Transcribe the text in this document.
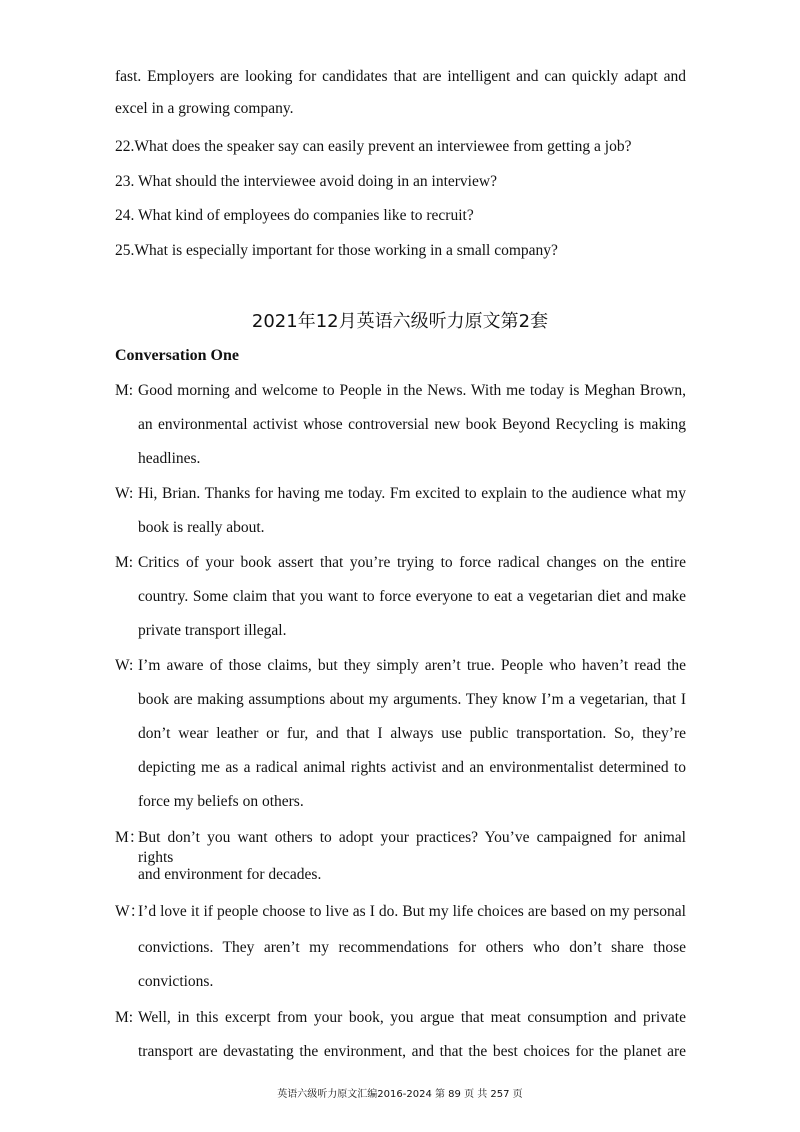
fast. Employers are looking for candidates that are intelligent and can quickly adapt and
excel in a growing company.
22.What does the speaker say can easily prevent an interviewee from getting a job?
23. What should the interviewee avoid doing in an interview?
24. What kind of employees do companies like to recruit?
25.What is especially important for those working in a small company?
2021年12月英语六级听力原文第2套
Conversation One
M: Good morning and welcome to People in the News. With me today is Meghan Brown,
an environmental activist whose controversial new book Beyond Recycling is making
headlines.
W: Hi, Brian. Thanks for having me today. Fm excited to explain to the audience what my
book is really about.
M: Critics of your book assert that you’re trying to force radical changes on the entire
country. Some claim that you want to force everyone to eat a vegetarian diet and make
private transport illegal.
W: I’m aware of those claims, but they simply aren’t true. People who haven’t read the
book are making assumptions about my arguments. They know I’m a vegetarian, that I
don’t wear leather or fur, and that I always use public transportation. So, they’re
depicting me as a radical animal rights activist and an environmentalist determined to
force my beliefs on others.
M：
But don’t you want others to adopt your practices? You’ve campaigned for animal rights
and environment for decades.
W：
I’d love it if people choose to live as I do. But my life choices are based on my personal
convictions. They aren’t my recommendations for others who don’t share those
convictions.
M: Well, in this excerpt from your book, you argue that meat consumption and private
transport are devastating the environment, and that the best choices for the planet are
英语六级听力原文汇编2016-2024 第 89 页 共 257 页
